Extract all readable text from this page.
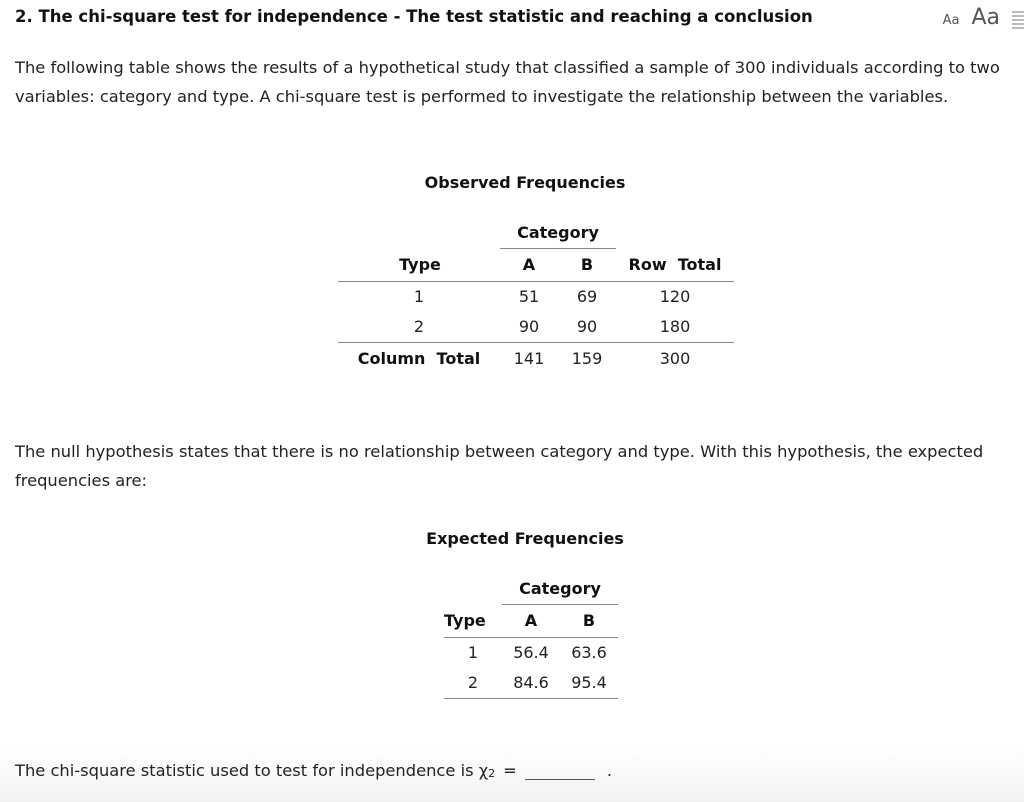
2. The chi-square test for independence - The test statistic and reaching a conclusion	Aa Aa
The following table shows the results of a hypothetical study that classified a sample of 300 individuals according to two variables: category and type. A chi-square test is performed to investigate the relationship between the variables.
Observed Frequencies
	Category		
Type	A	B	Row  Total
1	51	69	120
2	90	90	180
Column  Total	141	159	300
The null hypothesis states that there is no relationship between category and type. With this hypothesis, the expected frequencies are:
Expected Frequencies
	Category	
Type	A	B
1	56.4	63.6
2	84.6	95.4
The chi-square statistic used to test for independence is χ 2 =	.
